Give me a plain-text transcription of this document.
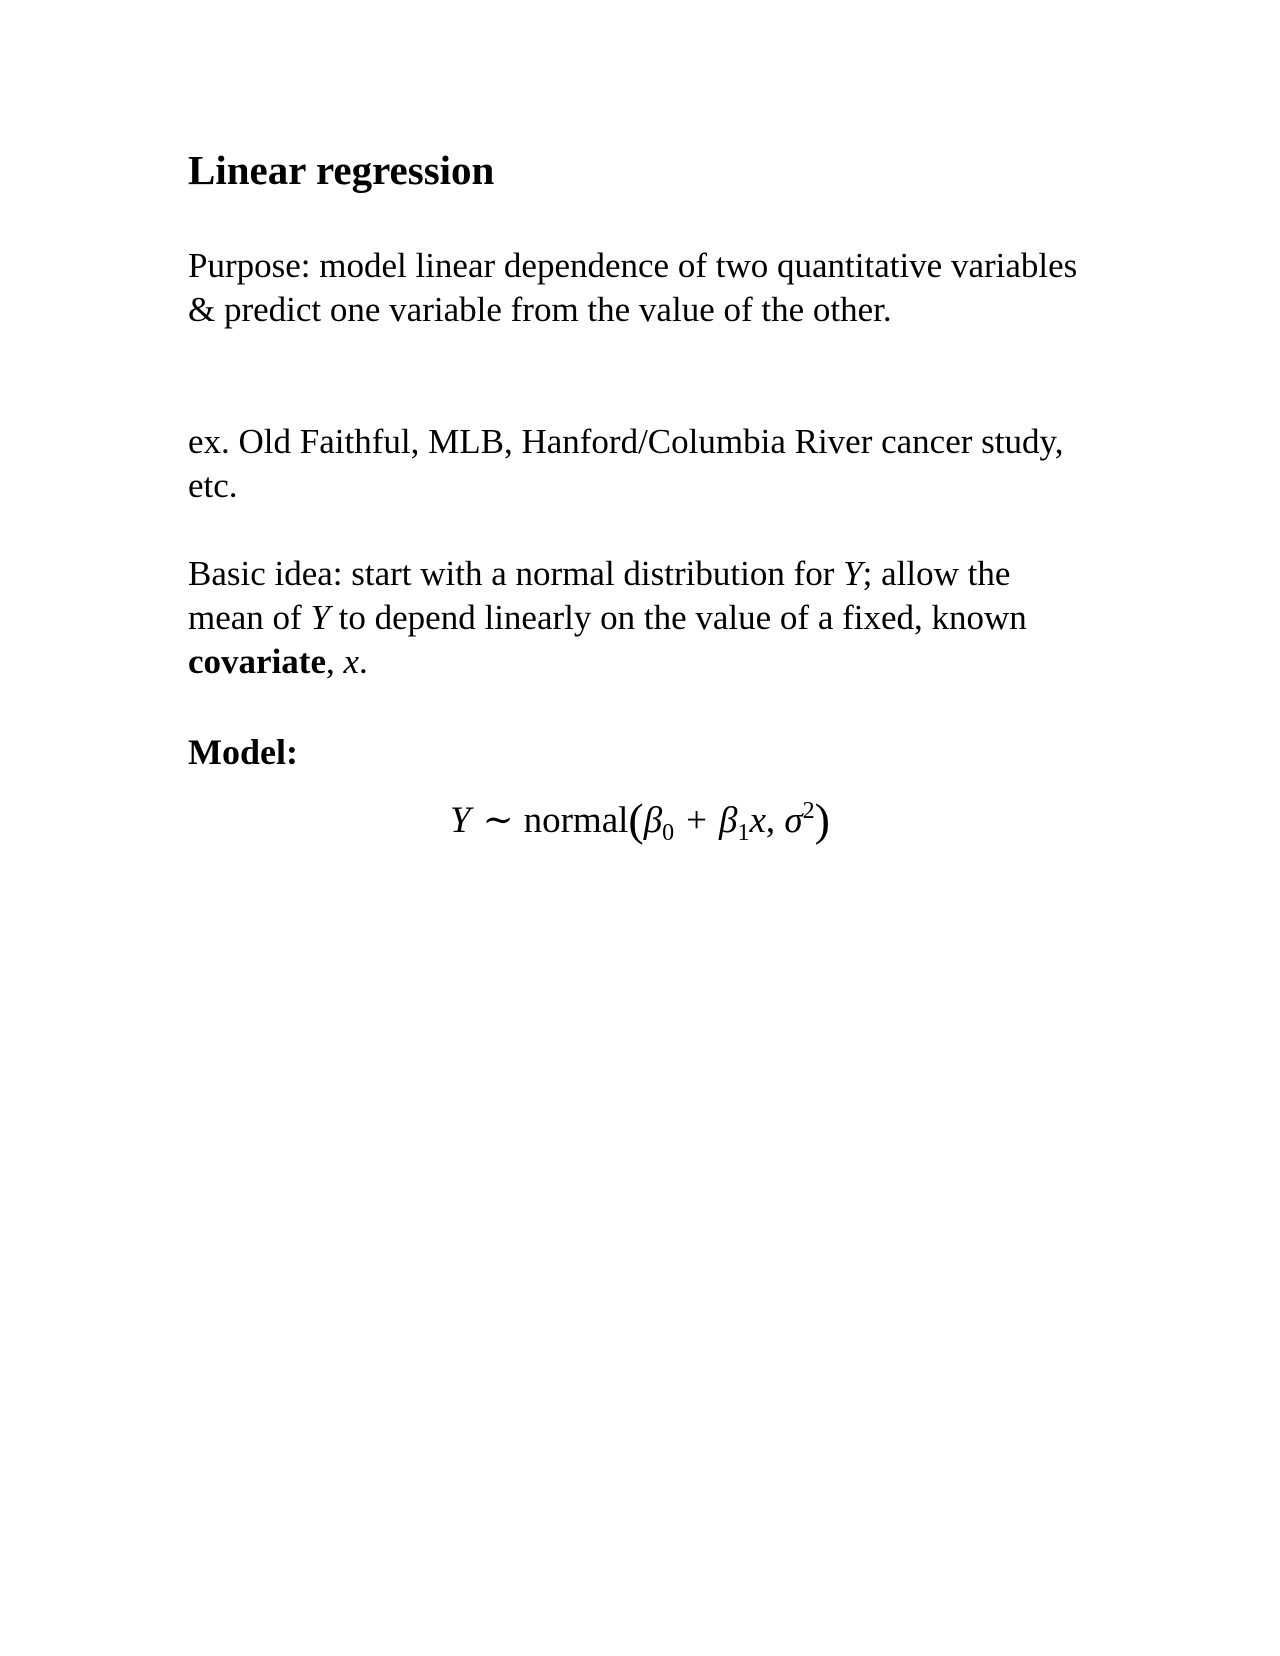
Linear regression
Purpose: model linear dependence of two quantitative variables & predict one variable from the value of the other.
ex. Old Faithful, MLB, Hanford/Columbia River cancer study, etc.
Basic idea: start with a normal distribution for Y; allow the mean of Y to depend linearly on the value of a fixed, known covariate, x.
Model:
Y ∼ $normal(\beta_0 + \beta_1x$, $\sigma^2$)
